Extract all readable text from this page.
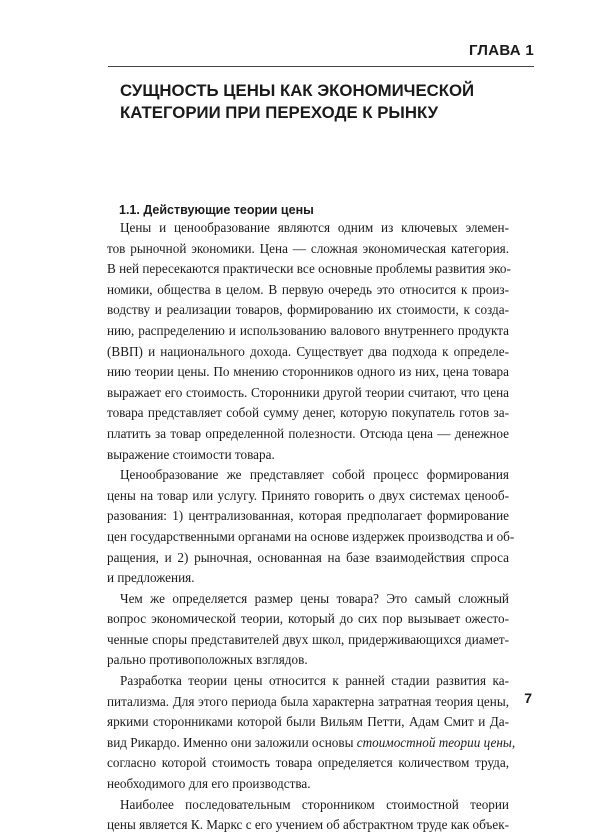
ГЛАВА 1
СУЩНОСТЬ ЦЕНЫ КАК ЭКОНОМИЧЕСКОЙ
КАТЕГОРИИ ПРИ ПЕРЕХОДЕ К РЫНКУ
1.1. Действующие теории цены

Цены и ценообразование являются одним из ключевых элемен-
тов рыночной экономики. Цена — сложная экономическая категория.
В ней пересекаются практически все основные проблемы развития эко-
номики, общества в целом. В первую очередь это относится к произ-
водству и реализации товаров, формированию их стоимости, к созда-
нию, распределению и использованию валового внутреннего продукта
(ВВП) и национального дохода. Существует два подхода к определе-
нию теории цены. По мнению сторонников одного из них, цена товара
выражает его стоимость. Сторонники другой теории считают, что цена
товара представляет собой сумму денег, которую покупатель готов за-
платить за товар определенной полезности. Отсюда цена — денежное
выражение стоимости товара.

Ценообразование же представляет собой процесс формирования
цены на товар или услугу. Принято говорить о двух системах ценооб-
разования: 1) централизованная, которая предполагает формирование
цен государственными органами на основе издержек производства и об-
ращения, и 2) рыночная, основанная на базе взаимодействия спроса
и предложения.

Чем же определяется размер цены товара? Это самый сложный
вопрос экономической теории, который до сих пор вызывает ожесто-
ченные споры представителей двух школ, придерживающихся диамет-
рально противоположных взглядов.

Разработка теории цены относится к ранней стадии развития ка-
питализма. Для этого периода была характерна затратная теория цены,
яркими сторонниками которой были Вильям Петти, Адам Смит и Да-
вид Рикардо. Именно они заложили основы стоимостной теории цены,
согласно которой стоимость товара определяется количеством труда,
необходимого для его производства.

Наиболее последовательным сторонником стоимостной теории
цены является К. Маркс с его учением об абстрактном труде как объек-

7
